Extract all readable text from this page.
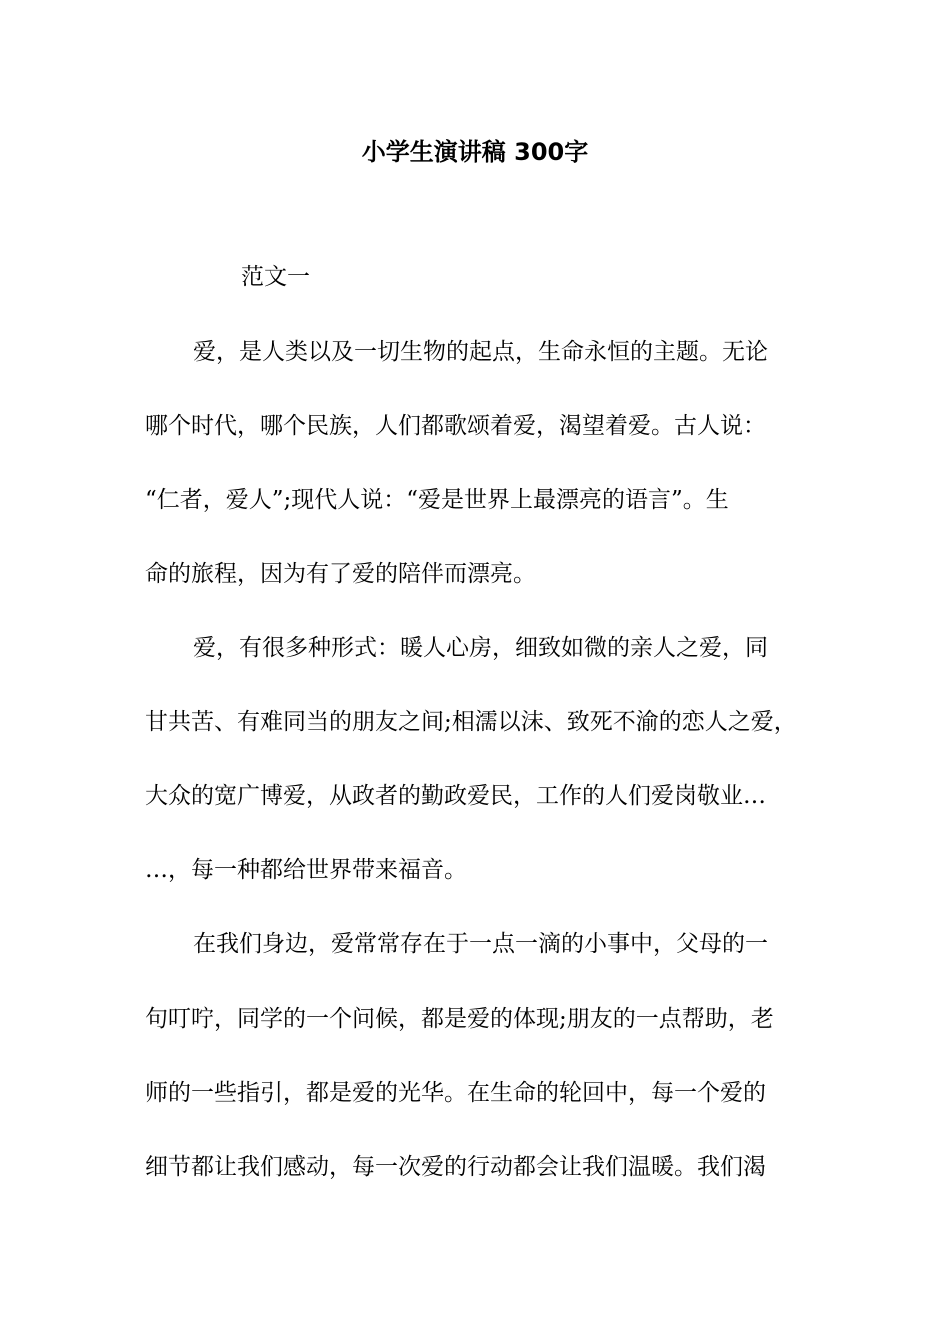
小学生演讲稿 300字
范文一
爱，是人类以及一切生物的起点，生命永恒的主题。无论
哪个时代，哪个民族，人们都歌颂着爱，渴望着爱。古人说：
“仁者，爱人”;现代人说：“爱是世界上最漂亮的语言”。生
命的旅程，因为有了爱的陪伴而漂亮。
爱，有很多种形式：暖人心房，细致如微的亲人之爱，同
甘共苦、有难同当的朋友之间;相濡以沫、致死不渝的恋人之爱，
大众的宽广博爱，从政者的勤政爱民，工作的人们爱岗敬业…
…，每一种都给世界带来福音。
在我们身边，爱常常存在于一点一滴的小事中，父母的一
句叮咛，同学的一个问候，都是爱的体现;朋友的一点帮助，老
师的一些指引，都是爱的光华。在生命的轮回中，每一个爱的
细节都让我们感动，每一次爱的行动都会让我们温暖。我们渴
